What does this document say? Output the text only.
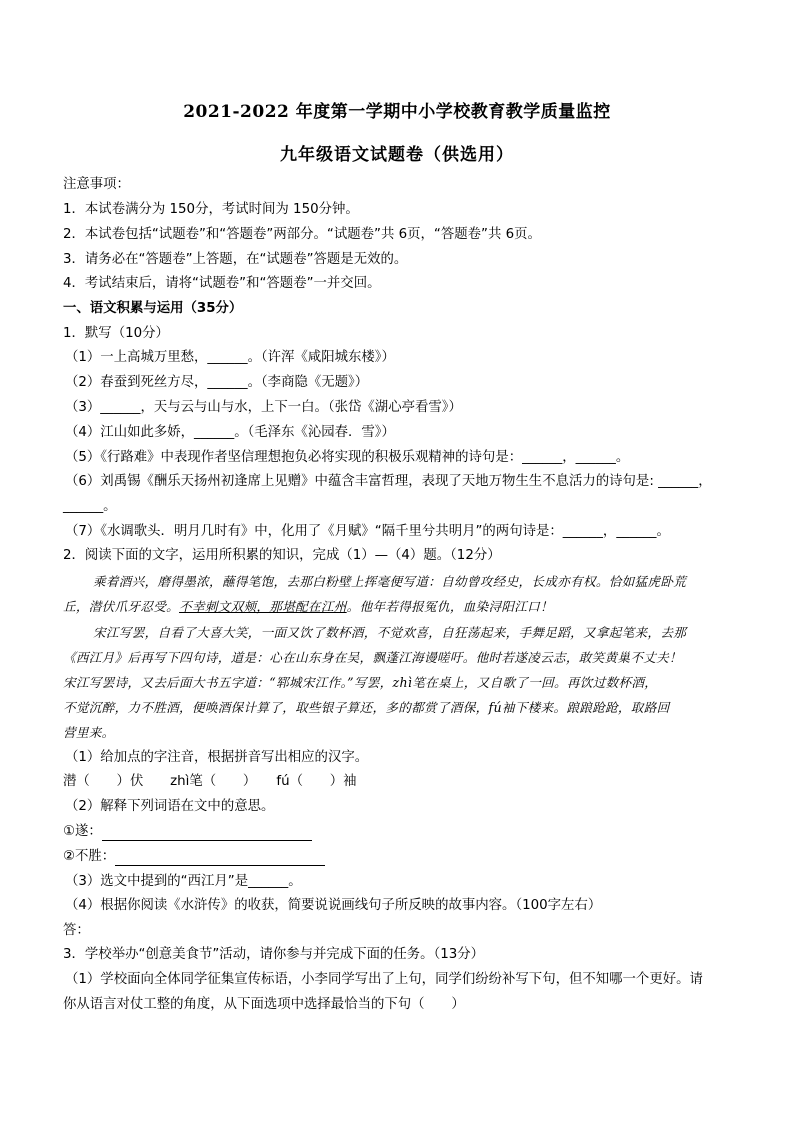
2021-2022 年度第一学期中小学校教育教学质量监控
九年级语文试题卷（供选用）
注意事项：
1．本试卷满分为 150分，考试时间为 150分钟。
2．本试卷包括“试题卷”和“答题卷”两部分。“试题卷”共 6页，“答题卷”共 6页。
3．请务必在“答题卷”上答题，在“试题卷”答题是无效的。
4．考试结束后，请将“试题卷”和“答题卷”一并交回。
一、语文积累与运用（35分）
1．默写（10分）
（1）一上高城万里愁，______。（许浑《咸阳城东楼》）
（2）春蚕到死丝方尽，______。（李商隐《无题》）
（3）______，天与云与山与水，上下一白。（张岱《湖心亭看雪》）
（4）江山如此多娇，______。（毛泽东《沁园春．雪》）
（5）《行路难》中表现作者坚信理想抱负必将实现的积极乐观精神的诗句是：______，______。
（6）刘禹锡《酬乐天扬州初逢席上见赠》中蕴含丰富哲理，表现了天地万物生生不息活力的诗句是: ______，
______。
（7）《水调歌头．明月几时有》中，化用了《月赋》“隔千里兮共明月”的两句诗是：______，______。
2．阅读下面的文字，运用所积累的知识，完成（1）—（4）题。（12分）
乘着酒兴，磨得墨浓，蘸得笔饱，去那白粉壁上挥毫便写道：自幼曾攻经史，长成亦有权。恰如猛虎卧荒
丘，潜伏爪牙忍受。不幸刺文双颊，那堪配在江州。他年若得报冤仇，血染浔阳江口！
宋江写罢，自看了大喜大笑，一面又饮了数杯酒，不觉欢喜，自狂荡起来，手舞足蹈，又拿起笔来，去那
《西江月》后再写下四句诗，道是：心在山东身在吴，飘蓬江海谩嗟吁。他时若遂凌云志，敢笑黄巢不丈夫！
宋江写罢诗，又去后面大书五字道：“郓城宋江作。”写罢，zhì笔在桌上，又自歌了一回。再饮过数杯酒，
不觉沉醉，力不胜酒，便唤酒保计算了，取些银子算还，多的都赏了酒保，fú袖下楼来。踉踉跄跄，取路回
营里来。
（1）给加点的字注音，根据拼音写出相应的汉字。
潜（　　）伏　　zhì笔（　　）　　fú（　　）袖
（2）解释下列词语在文中的意思。
①遂：
②不胜：
（3）选文中提到的“西江月”是______。
（4）根据你阅读《水浒传》的收获，简要说说画线句子所反映的故事内容。（100字左右）
答：
3．学校举办“创意美食节”活动，请你参与并完成下面的任务。（13分）
（1）学校面向全体同学征集宣传标语，小李同学写出了上句，同学们纷纷补写下句，但不知哪一个更好。请
你从语言对仗工整的角度，从下面选项中选择最恰当的下句（　　）
